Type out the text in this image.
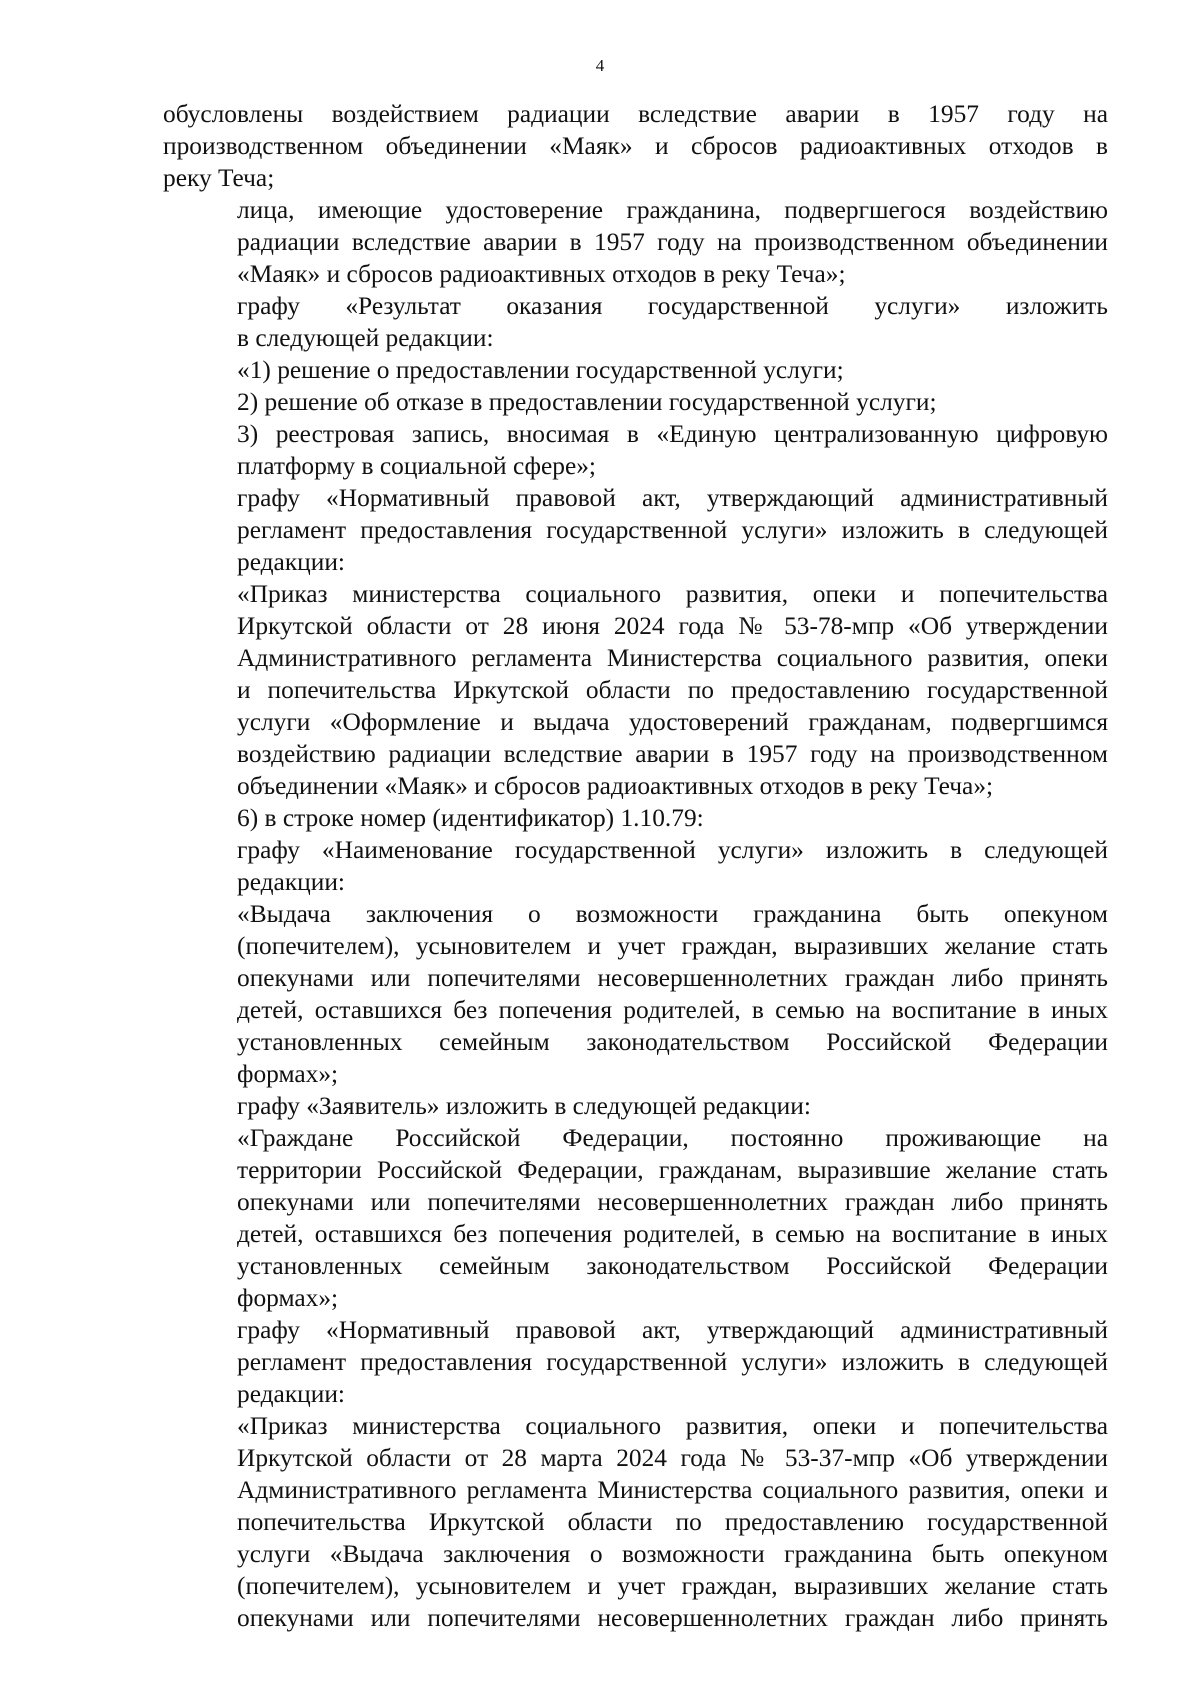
4
обусловлены воздействием радиации вследствие аварии в 1957 году на
производственном объединении «Маяк» и сбросов радиоактивных отходов в
реку Теча;
лица, имеющие удостоверение гражданина, подвергшегося воздействию
радиации вследствие аварии в 1957 году на производственном объединении
«Маяк» и сбросов радиоактивных отходов в реку Теча»;
графу «Результат оказания государственной услуги» изложить
в следующей редакции:
«1) решение о предоставлении государственной услуги;
2) решение об отказе в предоставлении государственной услуги;
3) реестровая запись, вносимая в «Единую централизованную цифровую
платформу в социальной сфере»;
графу «Нормативный правовой акт, утверждающий административный
регламент предоставления государственной услуги» изложить в следующей
редакции:
«Приказ министерства социального развития, опеки и попечительства
Иркутской области от 28 июня 2024 года № 53-78-мпр «Об утверждении
Административного регламента Министерства социального развития, опеки
и попечительства Иркутской области по предоставлению государственной
услуги «Оформление и выдача удостоверений гражданам, подвергшимся
воздействию радиации вследствие аварии в 1957 году на производственном
объединении «Маяк» и сбросов радиоактивных отходов в реку Теча»;
6) в строке номер (идентификатор) 1.10.79:
графу «Наименование государственной услуги» изложить в следующей
редакции:
«Выдача заключения о возможности гражданина быть опекуном
(попечителем), усыновителем и учет граждан, выразивших желание стать
опекунами или попечителями несовершеннолетних граждан либо принять
детей, оставшихся без попечения родителей, в семью на воспитание в иных
установленных семейным законодательством Российской Федерации
формах»;
графу «Заявитель» изложить в следующей редакции:
«Граждане Российской Федерации, постоянно проживающие на
территории Российской Федерации, гражданам, выразившие желание стать
опекунами или попечителями несовершеннолетних граждан либо принять
детей, оставшихся без попечения родителей, в семью на воспитание в иных
установленных семейным законодательством Российской Федерации
формах»;
графу «Нормативный правовой акт, утверждающий административный
регламент предоставления государственной услуги» изложить в следующей
редакции:
«Приказ министерства социального развития, опеки и попечительства
Иркутской области от 28 марта 2024 года № 53-37-мпр «Об утверждении
Административного регламента Министерства социального развития, опеки и
попечительства Иркутской области по предоставлению государственной
услуги «Выдача заключения о возможности гражданина быть опекуном
(попечителем), усыновителем и учет граждан, выразивших желание стать
опекунами или попечителями несовершеннолетних граждан либо принять
